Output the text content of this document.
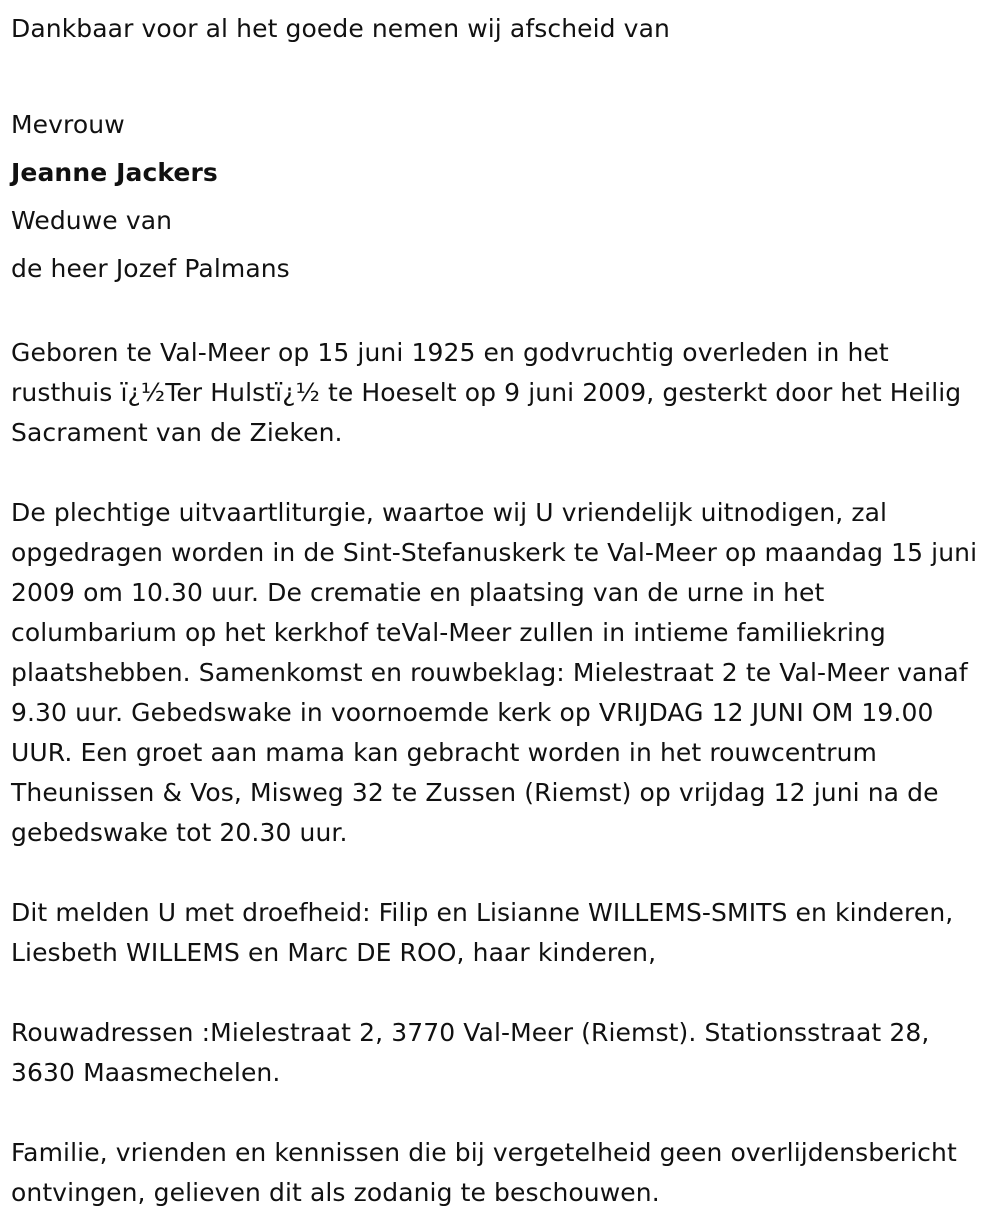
Dankbaar voor al het goede nemen wij afscheid van
Mevrouw
Jeanne Jackers
Weduwe van
de heer Jozef Palmans

Geboren te Val-Meer op 15 juni 1925 en godvruchtig overleden in het rusthuis ï¿½Ter Hulstï¿½ te Hoeselt op 9 juni 2009, gesterkt door het Heilig Sacrament van de Zieken.

De plechtige uitvaartliturgie, waartoe wij U vriendelijk uitnodigen, zal opgedragen worden in de Sint-Stefanuskerk te Val-Meer op maandag 15 juni 2009 om 10.30 uur. De crematie en plaatsing van de urne in het columbarium op het kerkhof teVal-Meer zullen in intieme familiekring plaatshebben. Samenkomst en rouwbeklag: Mielestraat 2 te Val-Meer vanaf 9.30 uur. Gebedswake in voornoemde kerk op VRIJDAG 12 JUNI OM 19.00 UUR. Een groet aan mama kan gebracht worden in het rouwcentrum Theunissen & Vos, Misweg 32 te Zussen (Riemst) op vrijdag 12 juni na de gebedswake tot 20.30 uur.

Dit melden U met droefheid: Filip en Lisianne WILLEMS-SMITS en kinderen, Liesbeth WILLEMS en Marc DE ROO, haar kinderen,

Rouwadressen :Mielestraat 2, 3770 Val-Meer (Riemst). Stationsstraat 28, 3630 Maasmechelen.

Familie, vrienden en kennissen die bij vergetelheid geen overlijdensbericht ontvingen, gelieven dit als zodanig te beschouwen.
